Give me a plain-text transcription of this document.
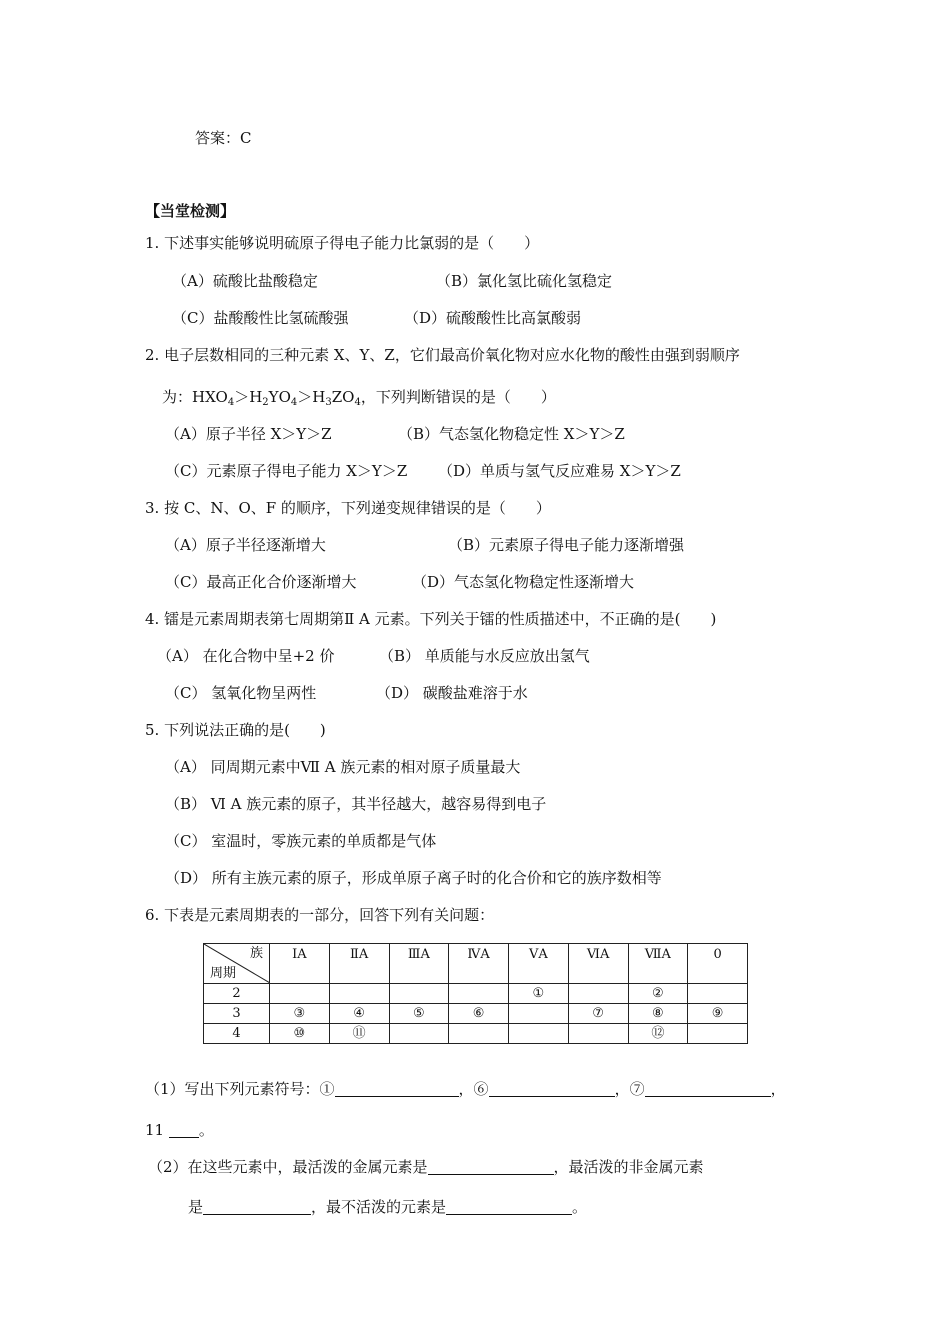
答案：C
【当堂检测】
1. 下述事实能够说明硫原子得电子能力比氯弱的是（　　）
（A）硫酸比盐酸稳定	（B）氯化氢比硫化氢稳定
（C）盐酸酸性比氢硫酸强	（D）硫酸酸性比高氯酸弱
2. 电子层数相同的三种元素 X、Y、Z，它们最高价氧化物对应水化物的酸性由强到弱顺序
为：$HXO_4>H_2YO_4>H_3ZO_4$，下列判断错误的是（　　）
（A）原子半径 X＞Y＞Z	（B）气态氢化物稳定性 X＞Y＞Z
（C）元素原子得电子能力 X＞Y＞Z （D）单质与氢气反应难易 X＞Y＞Z
3. 按 C、N、O、F 的顺序，下列递变规律错误的是（　　）
（A）原子半径逐渐增大	（B）元素原子得电子能力逐渐增强
（C）最高正化合价逐渐增大	（D）气态氢化物稳定性逐渐增大
4. 镭是元素周期表第七周期第Ⅱ A 元素。下列关于镭的性质描述中，不正确的是(　　)
（A） 在化合物中呈+2 价	（B） 单质能与水反应放出氢气
（C） 氢氧化物呈两性	（D） 碳酸盐难溶于水
5. 下列说法正确的是(　　)
（A） 同周期元素中Ⅶ A 族元素的相对原子质量最大
（B） Ⅵ A 族元素的原子，其半径越大，越容易得到电子
（C） 室温时，零族元素的单质都是气体
（D） 所有主族元素的原子，形成单原子离子时的化合价和它的族序数相等
6. 下表是元素周期表的一部分，回答下列有关问题：
族
周期	ⅠA	ⅡA	ⅢA	ⅣA	ⅤA	ⅥA	ⅦA	0
2					①		②	
3	③	④	⑤	⑥		⑦	⑧	⑨
4	⑩	⑪					⑫	
（1）写出下列元素符号：①	，⑥	，⑦	，
11 。
（2）在这些元素中，最活泼的金属元素是	，最活泼的非金属元素
是	，最不活泼的元素是	。
